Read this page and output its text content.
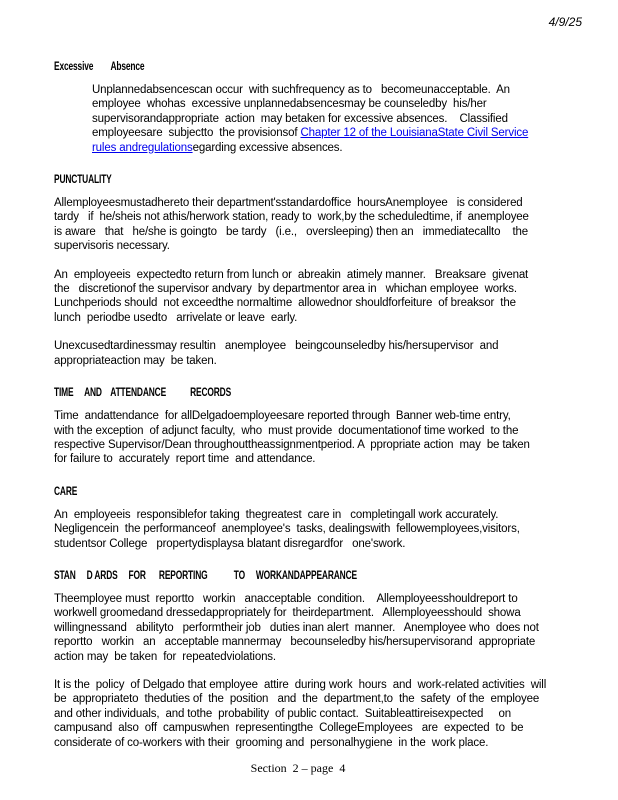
4/9/25
Excessive        Absence
Unplannedabsencescan occur  with suchfrequency as to   becomeunacceptable.  An
employee  whohas  excessive unplannedabsencesmay be counseledby  his/her
supervisorandappropriate  action  may betaken for excessive absences.    Classified
employeesare  subjectto  the provisionsof Chapter 12 of the LouisianaState Civil Service
rules andregulationsegarding excessive absences.
PUNCTUALITY
Allemployeesmustadhereto their department'sstandardoffice  hoursAnemployee   is considered
tardy   if  he/sheis not athis/herwork station, ready to  work,by the scheduledtime, if  anemployee
is aware   that   he/she is goingto   be tardy   (i.e.,   oversleeping) then an   immediatecallto    the
supervisoris necessary.
An  employeeis  expectedto return from lunch or  abreakin  atimely manner.   Breaksare  givenat
the   discretionof the supervisor andvary  by departmentor area in   whichan employee  works.
Lunchperiods should  not exceedthe normaltime  allowednor shouldforfeiture  of breaksor  the
lunch  periodbe usedto   arrivelate or leave  early.
Unexcusedtardinessmay resultin   anemployee   beingcounseledby his/hersupervisor  and
appropriateaction may  be taken.
TIME     AND    ATTENDANCE           RECORDS
Time  andattendance  for allDelgadoemployeesare reported through  Banner web-time entry,
with the exception  of adjunct faculty,  who  must provide  documentationof time worked  to the
respective Supervisor/Dean throughouttheassignmentperiod. A  ppropriate action  may  be taken
for failure to  accurately  report time  and attendance.
CARE
An  employeeis  responsiblefor taking  thegreatest  care in   completingall work accurately.
Negligencein  the performanceof  anemployee's  tasks, dealingswith  fellowemployees,visitors,
studentsor College   propertydisplaysa blatant disregardfor   one'swork.
STAN     D ARDS     FOR      REPORTING            TO     WORKANDAPPEARANCE
Theemployee must  reportto   workin   anacceptable  condition.    Allemployeesshouldreport to
workwell groomedand dressedappropriately for  theirdepartment.   Allemployeesshould  showa
willingnessand   abilityto   performtheir job   duties inan alert  manner.   Anemployee who  does not
reportto   workin   an   acceptable mannermay   becounseledby his/hersupervisorand  appropriate
action may  be taken  for  repeatedviolations.
It is the  policy  of Delgado that employee  attire  during work  hours  and  work-related activities  will
be  appropriateto  theduties of  the  position   and  the  department,to  the  safety  of the  employee
and other individuals,  and tothe  probability  of public contact.  Suitableattireisexpected     on
campusand  also  off  campuswhen  representingthe  CollegeEmployees   are  expected  to  be
considerate of co-workers with their  grooming and  personalhygiene  in the  work place.
Section  2 – page  4
